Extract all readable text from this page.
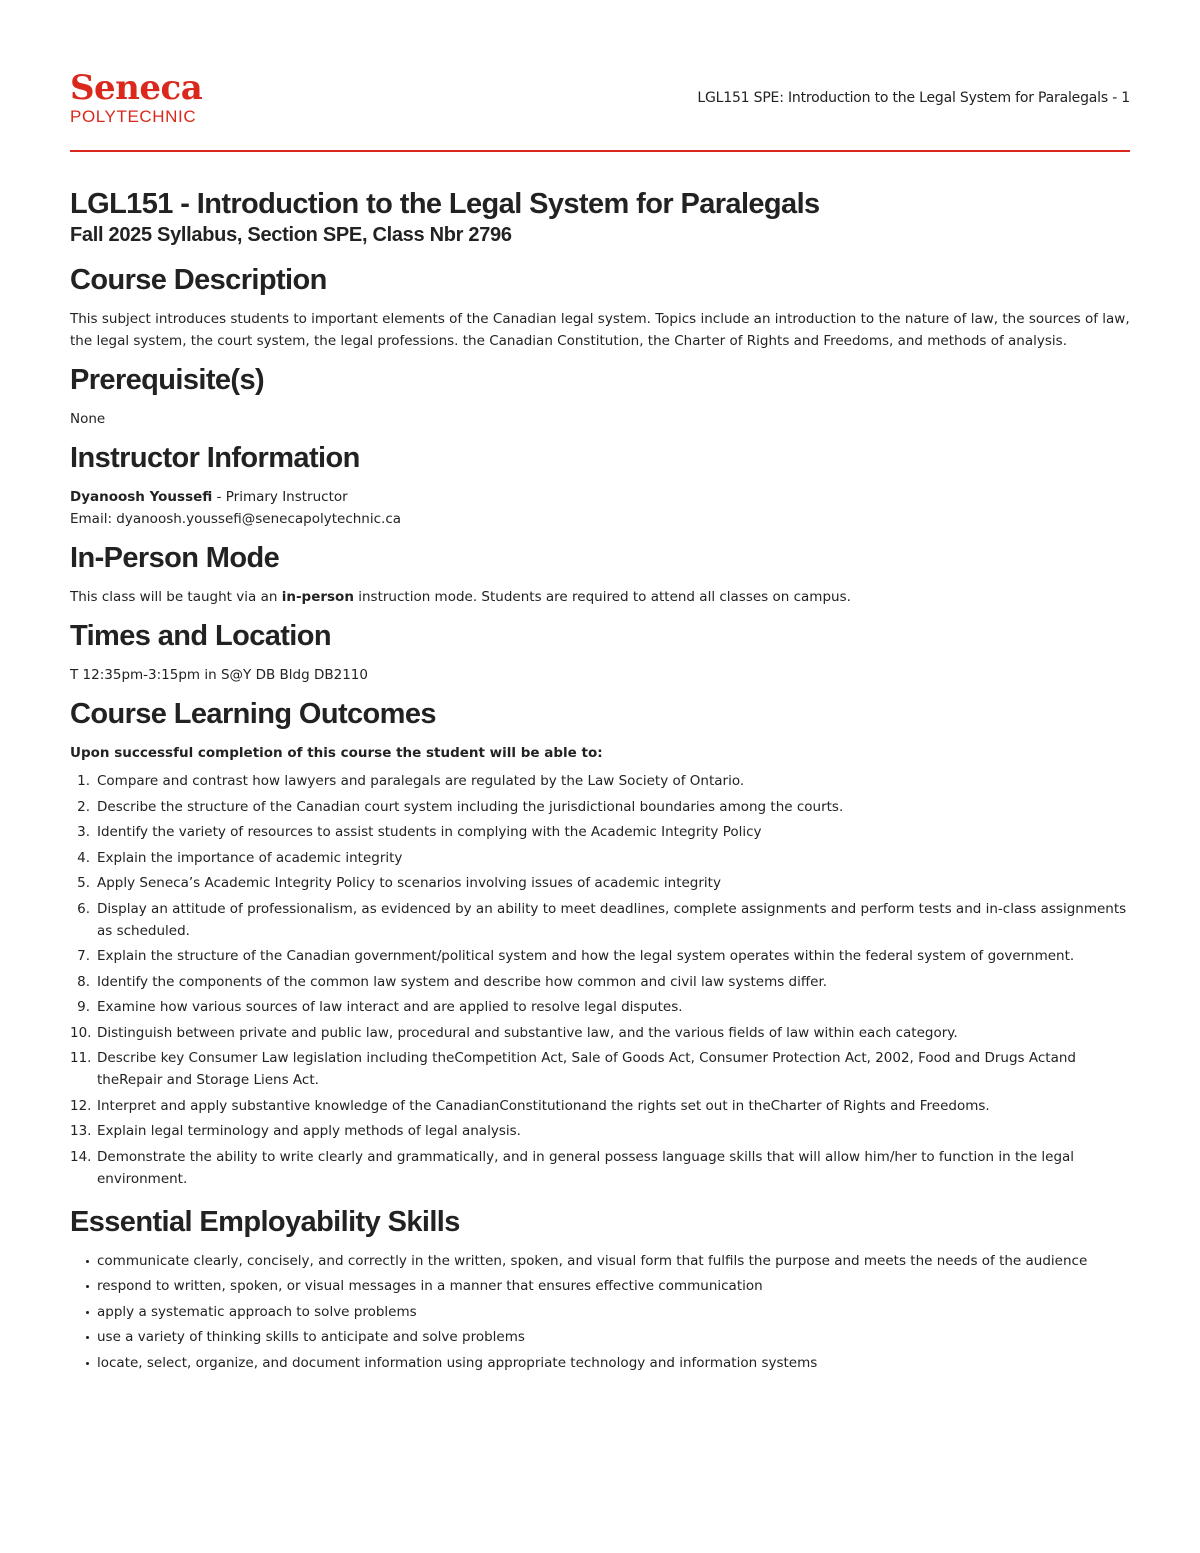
Seneca
POLYTECHNIC
LGL151 SPE: Introduction to the Legal System for Paralegals - 1
LGL151 - Introduction to the Legal System for Paralegals
Fall 2025 Syllabus, Section SPE, Class Nbr 2796
Course Description

This subject introduces students to important elements of the Canadian legal system. Topics include an introduction to the nature of law, the sources of law, the legal system, the court system, the legal professions. the Canadian Constitution, the Charter of Rights and Freedoms, and methods of analysis.

Prerequisite(s)

None

Instructor Information
Dyanoosh Youssefi - Primary Instructor

Email: dyanoosh.youssefi@senecapolytechnic.ca

In-Person Mode

This class will be taught via an in-person instruction mode. Students are required to attend all classes on campus.

Times and Location

T 12:35pm-3:15pm in S@Y DB Bldg DB2110

Course Learning Outcomes
Upon successful completion of this course the student will be able to:
1. Compare and contrast how lawyers and paralegals are regulated by the Law Society of Ontario.
2. Describe the structure of the Canadian court system including the jurisdictional boundaries among the courts.
3. Identify the variety of resources to assist students in complying with the Academic Integrity Policy
4. Explain the importance of academic integrity
5. Apply Seneca’s Academic Integrity Policy to scenarios involving issues of academic integrity
6. Display an attitude of professionalism, as evidenced by an ability to meet deadlines, complete assignments and perform tests and in-class assignments as scheduled.
7. Explain the structure of the Canadian government/political system and how the legal system operates within the federal system of government.
8. Identify the components of the common law system and describe how common and civil law systems differ.
9. Examine how various sources of law interact and are applied to resolve legal disputes.
10. Distinguish between private and public law, procedural and substantive law, and the various fields of law within each category.
11. Describe key Consumer Law legislation including theCompetition Act, Sale of Goods Act, Consumer Protection Act, 2002, Food and Drugs Actand theRepair and Storage Liens Act.
12. Interpret and apply substantive knowledge of the CanadianConstitutionand the rights set out in theCharter of Rights and Freedoms.
13. Explain legal terminology and apply methods of legal analysis.
14. Demonstrate the ability to write clearly and grammatically, and in general possess language skills that will allow him/her to function in the legal environment.
Essential Employability Skills
communicate clearly, concisely, and correctly in the written, spoken, and visual form that fulfils the purpose and meets the needs of the audience
respond to written, spoken, or visual messages in a manner that ensures effective communication
apply a systematic approach to solve problems
use a variety of thinking skills to anticipate and solve problems
locate, select, organize, and document information using appropriate technology and information systems
